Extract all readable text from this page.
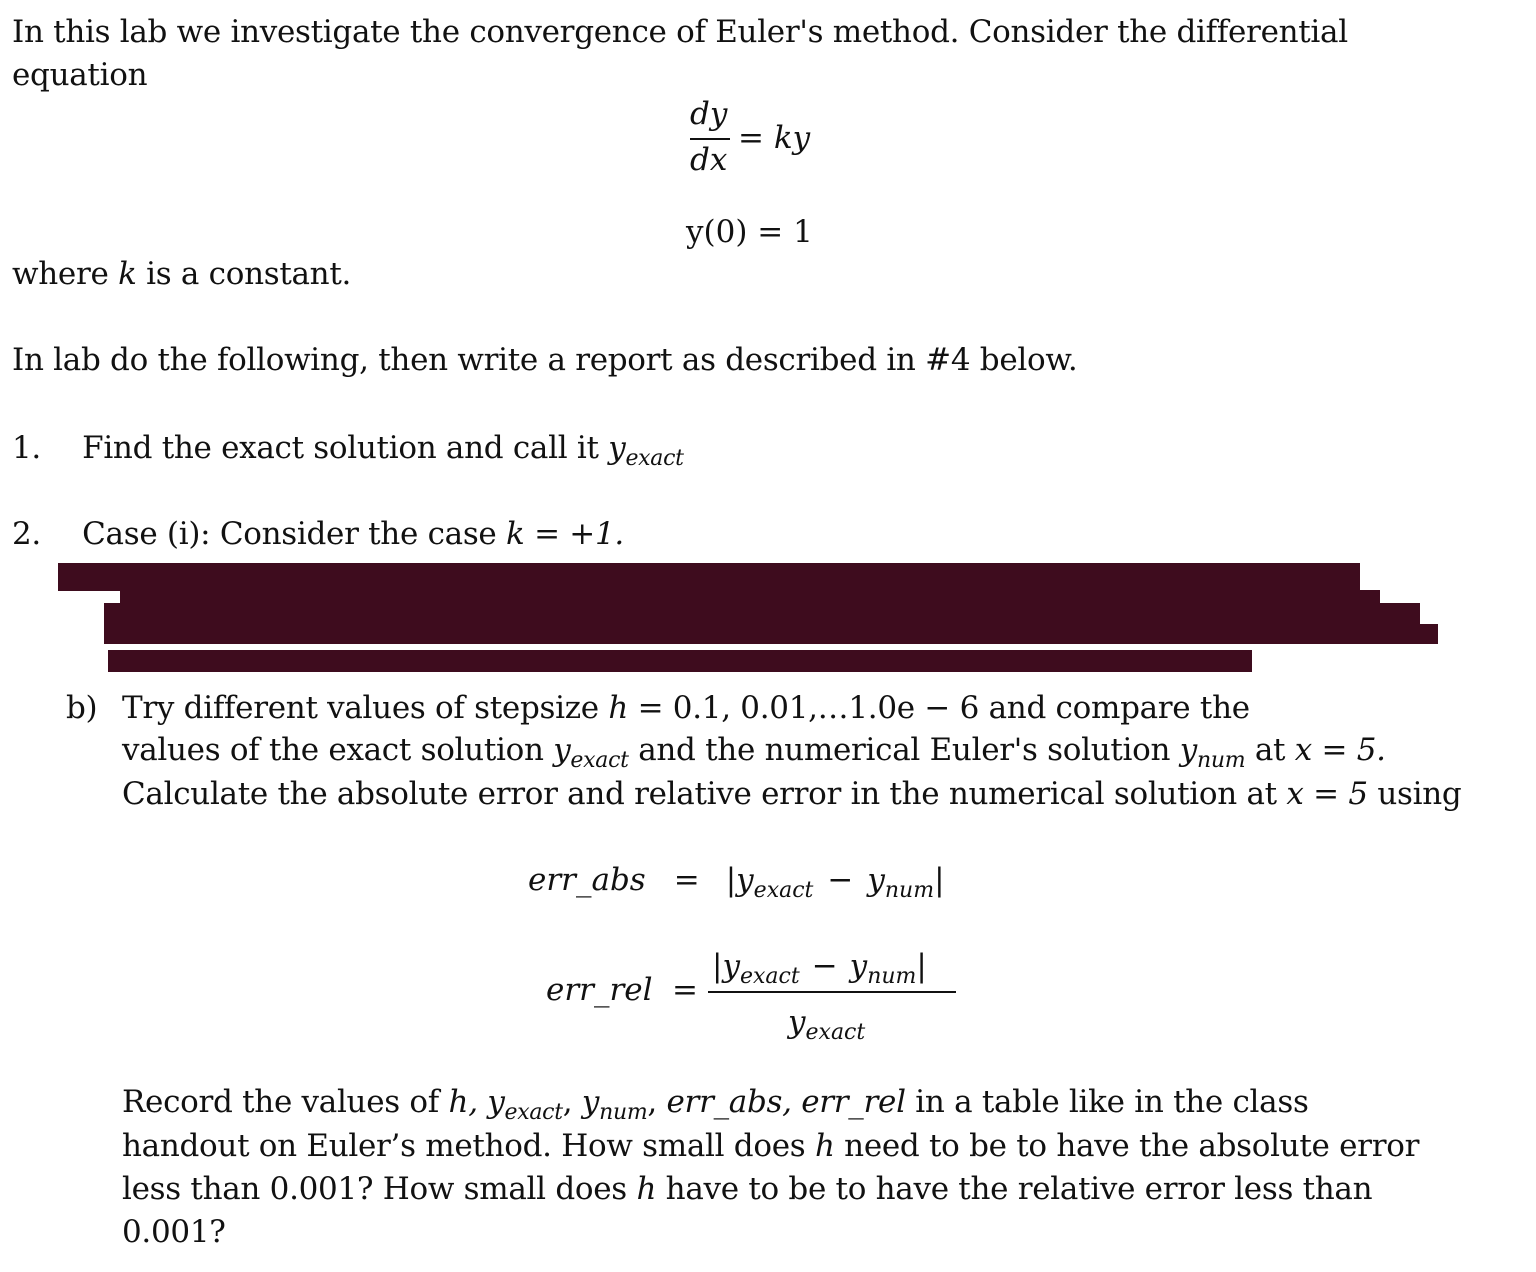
In this lab we investigate the convergence of Euler's method. Consider the differential
equation
dy
dx
= ky
y(0) = 1
where k is a constant.
In lab do the following, then write a report as described in #4 below.
1. Find the exact solution and call it $y_{exact}$
2. Case (i): Consider the case k = +1.
b) Try different values of stepsize h = 0.1, 0.01,…1.0e − 6 and compare the
values of the exact solution $y_{exact}$ and the numerical Euler's solution $y_{num}$ at x = 5.
Calculate the absolute error and relative error in the numerical solution at x = 5 using
err_abs = $|y_{exact} - y_{num}|$
err_rel =
$|y_{exact} - y_{num}|$
$y_{exact}$
Record the values of h, $y_{exact}$, $y_{num}$, err_abs, err_rel in a table like in the class
handout on Euler’s method. How small does h need to be to have the absolute error
less than 0.001? How small does h have to be to have the relative error less than
0.001?
